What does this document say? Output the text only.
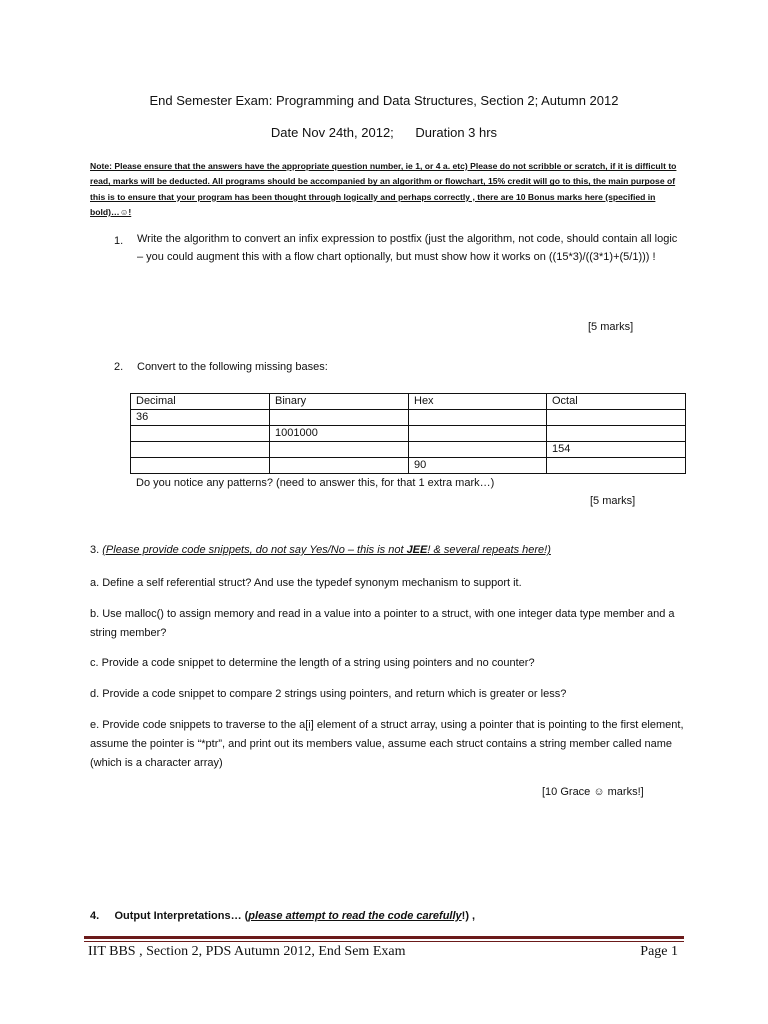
End Semester Exam: Programming and Data Structures, Section 2; Autumn 2012
Date Nov 24th, 2012; Duration 3 hrs
Note: Please ensure that the answers have the appropriate question number, ie 1, or 4 a. etc) Please do not scribble or scratch, if it is difficult to read, marks will be deducted. All programs should be accompanied by an algorithm or flowchart, 15% credit will go to this, the main purpose of this is to ensure that your program has been thought through logically and perhaps correctly , there are 10 Bonus marks here (specified in bold)…☺!
1. Write the algorithm to convert an infix expression to postfix (just the algorithm, not code, should contain all logic – you could augment this with a flow chart optionally, but must show how it works on ((15*3)/((3*1)+(5/1))) !
[5 marks]
2. Convert to the following missing bases:
Decimal	Binary	Hex	Octal
36			
	1001000		
			154
		90	
Do you notice any patterns? (need to answer this, for that 1 extra mark…)
[5 marks]
3. (Please provide code snippets, do not say Yes/No – this is not JEE! & several repeats here!)
a. Define a self referential struct? And use the typedef synonym mechanism to support it.
b. Use malloc() to assign memory and read in a value into a pointer to a struct, with one integer data type member and a string member?
c. Provide a code snippet to determine the length of a string using pointers and no counter?
d. Provide a code snippet to compare 2 strings using pointers, and return which is greater or less?
e. Provide code snippets to traverse to the a[i] element of a struct array, using a pointer that is pointing to the first element, assume the pointer is “*ptr”, and print out its members value, assume each struct contains a string member called name (which is a character array)
[10 Grace ☺ marks!]
4. Output Interpretations… (please attempt to read the code carefully!) ,
IIT BBS , Section 2, PDS Autumn 2012, End Sem Exam	Page 1
